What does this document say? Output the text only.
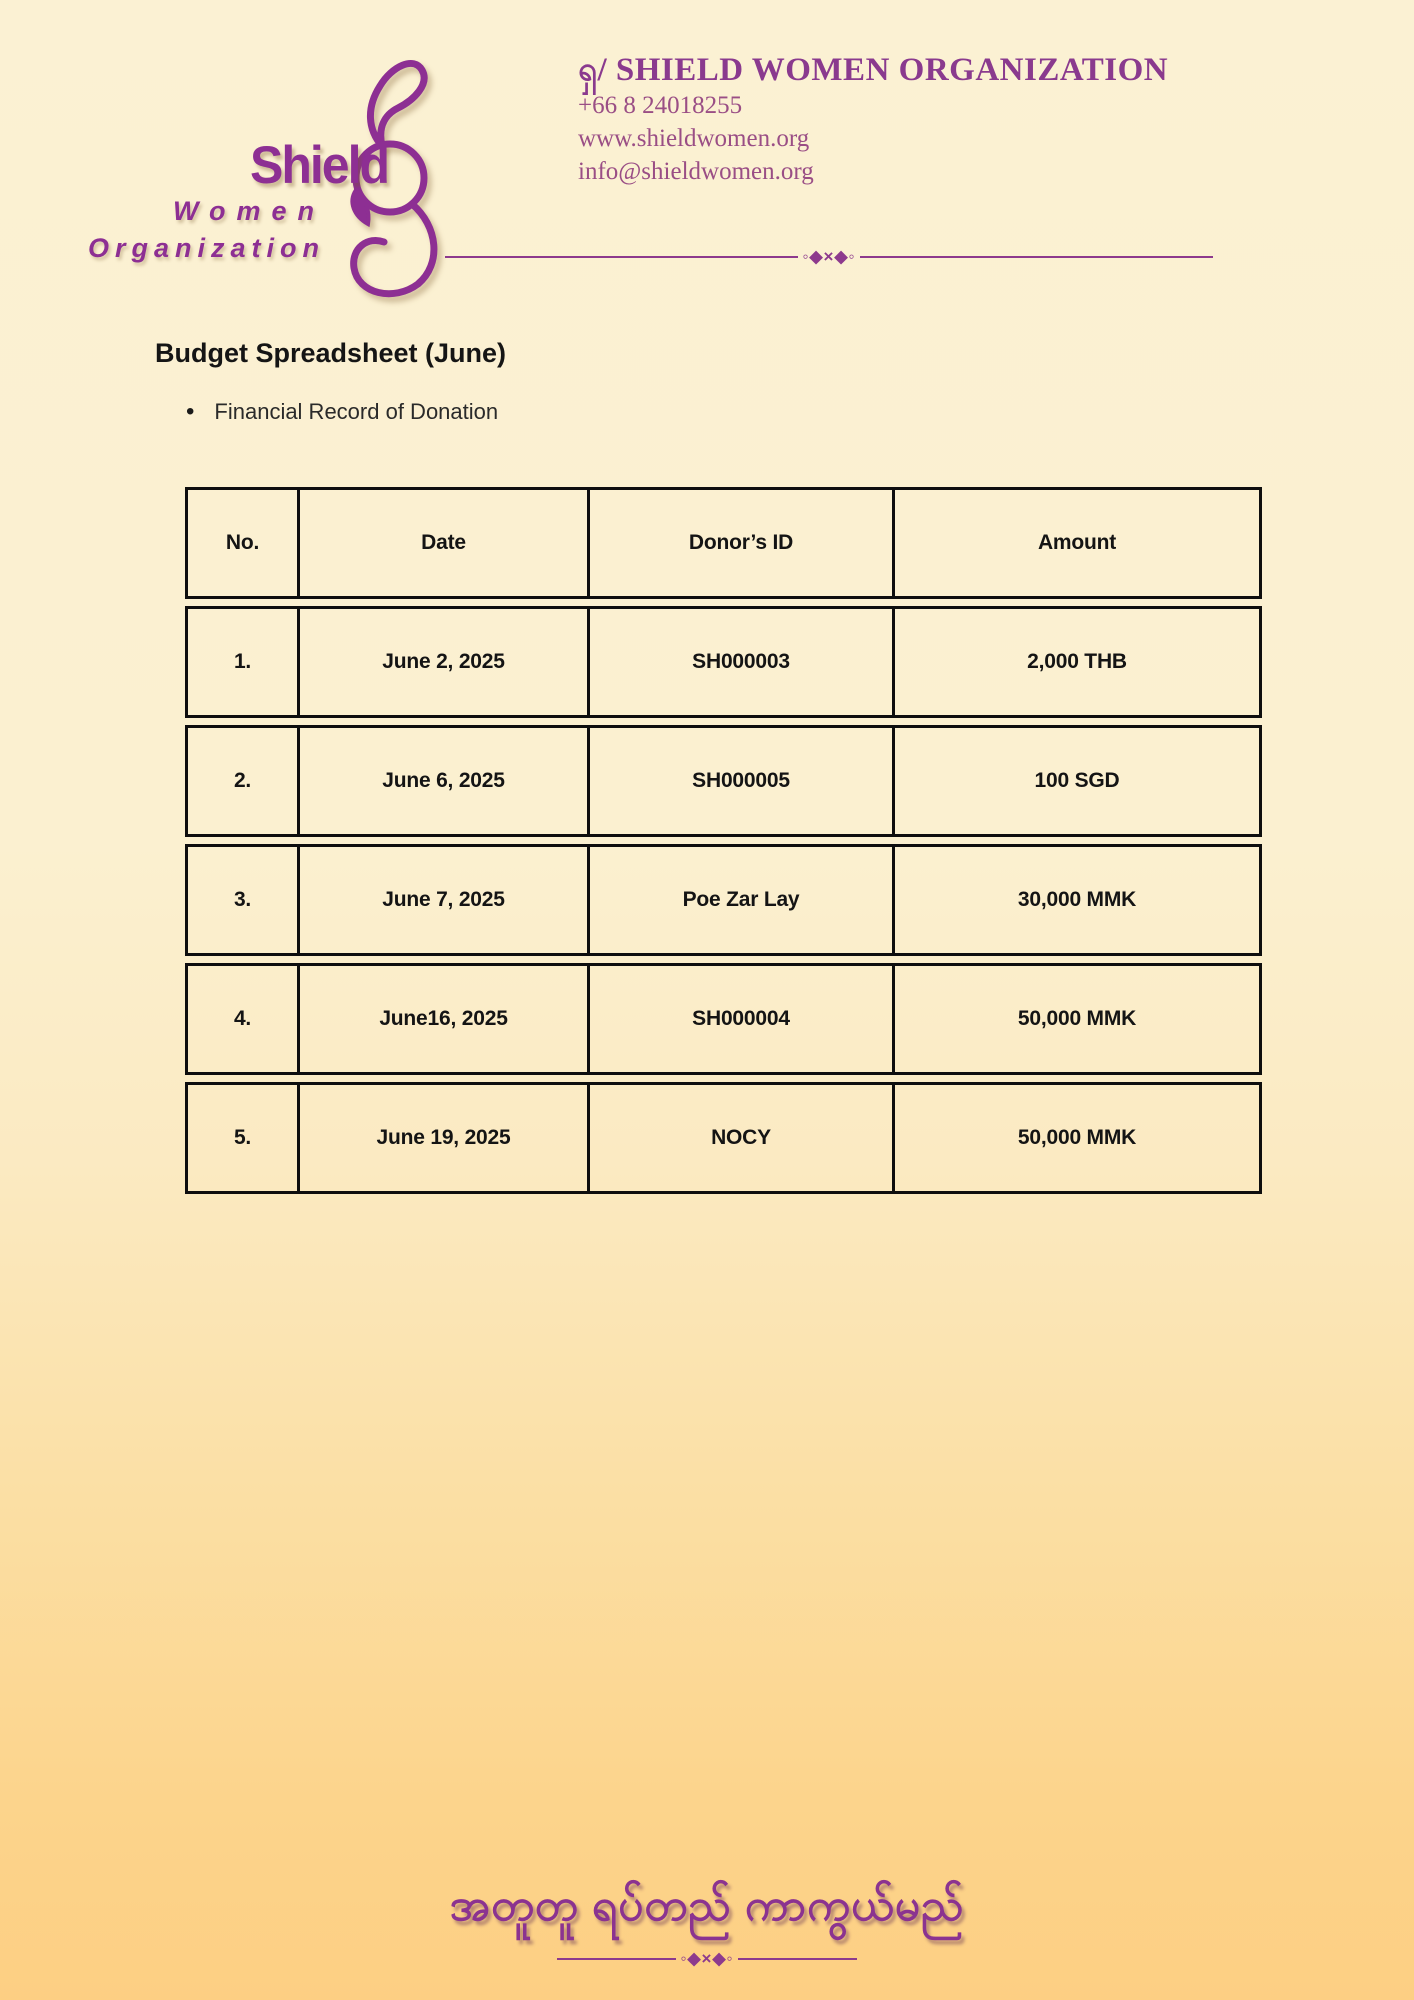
Shield
Women
Organization
ရှ/ SHIELD WOMEN ORGANIZATION
+66 8 24018255
www.shieldwomen.org
info@shieldwomen.org
◦◆×◆◦
Budget Spreadsheet (June)
• Financial Record of Donation
No.	Date	Donor’s ID	Amount
1.	June 2, 2025	SH000003	2,000 THB
2.	June 6, 2025	SH000005	100 SGD
3.	June 7, 2025	Poe Zar Lay	30,000 MMK
4.	June16, 2025	SH000004	50,000 MMK
5.	June 19, 2025	NOCY	50,000 MMK
အတူတူ ရပ်တည် ကာကွယ်မည်
◦◆×◆◦
